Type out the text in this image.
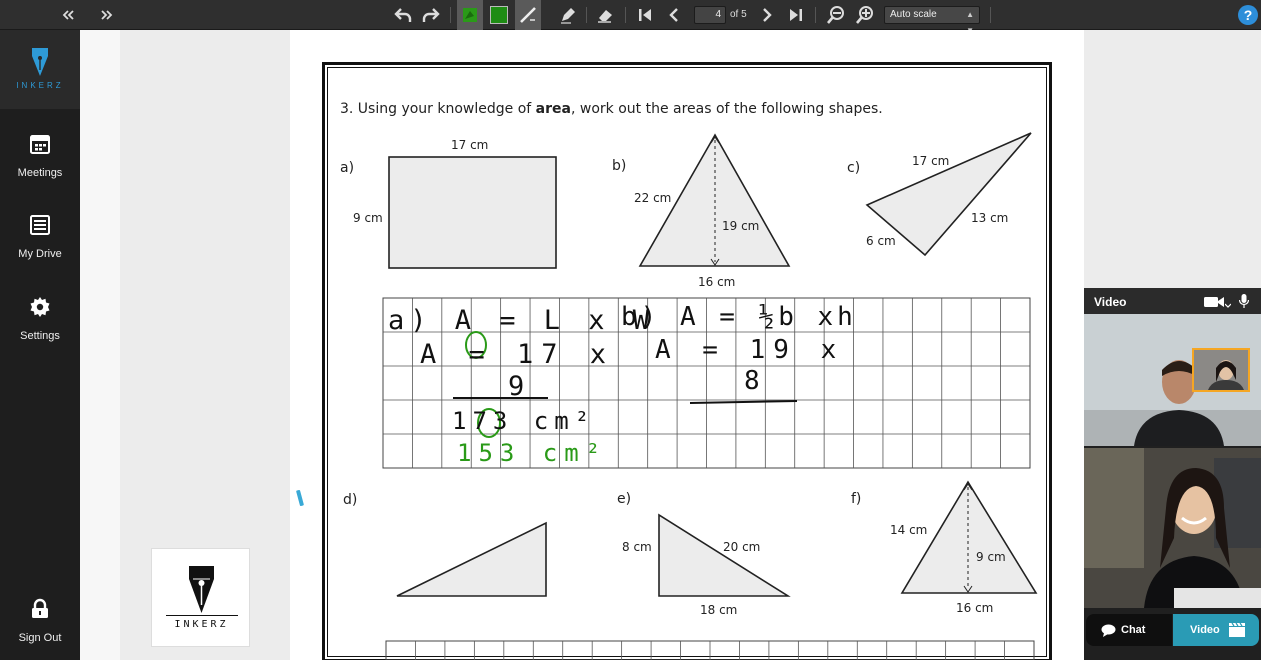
4 of 5	Auto scale	▲	?
INKERZ
Meetings
My Drive
Settings
Sign Out
INKERZ
3. Using your knowledge of area, work out the areas of the following shapes.
a)
17 cm
9 cm
b)
22 cm
19 cm
16 cm
c)	17 cm
13 cm
6 cm
d)	e)
8 cm	20 cm
18 cm
f)
14 cm
9 cm
16 cm
a) A = L x W
A = 17 x
9
173 cm²
153 cm²
b) A = ½b xh
A = 19 x
8
Video
Chat	Video
